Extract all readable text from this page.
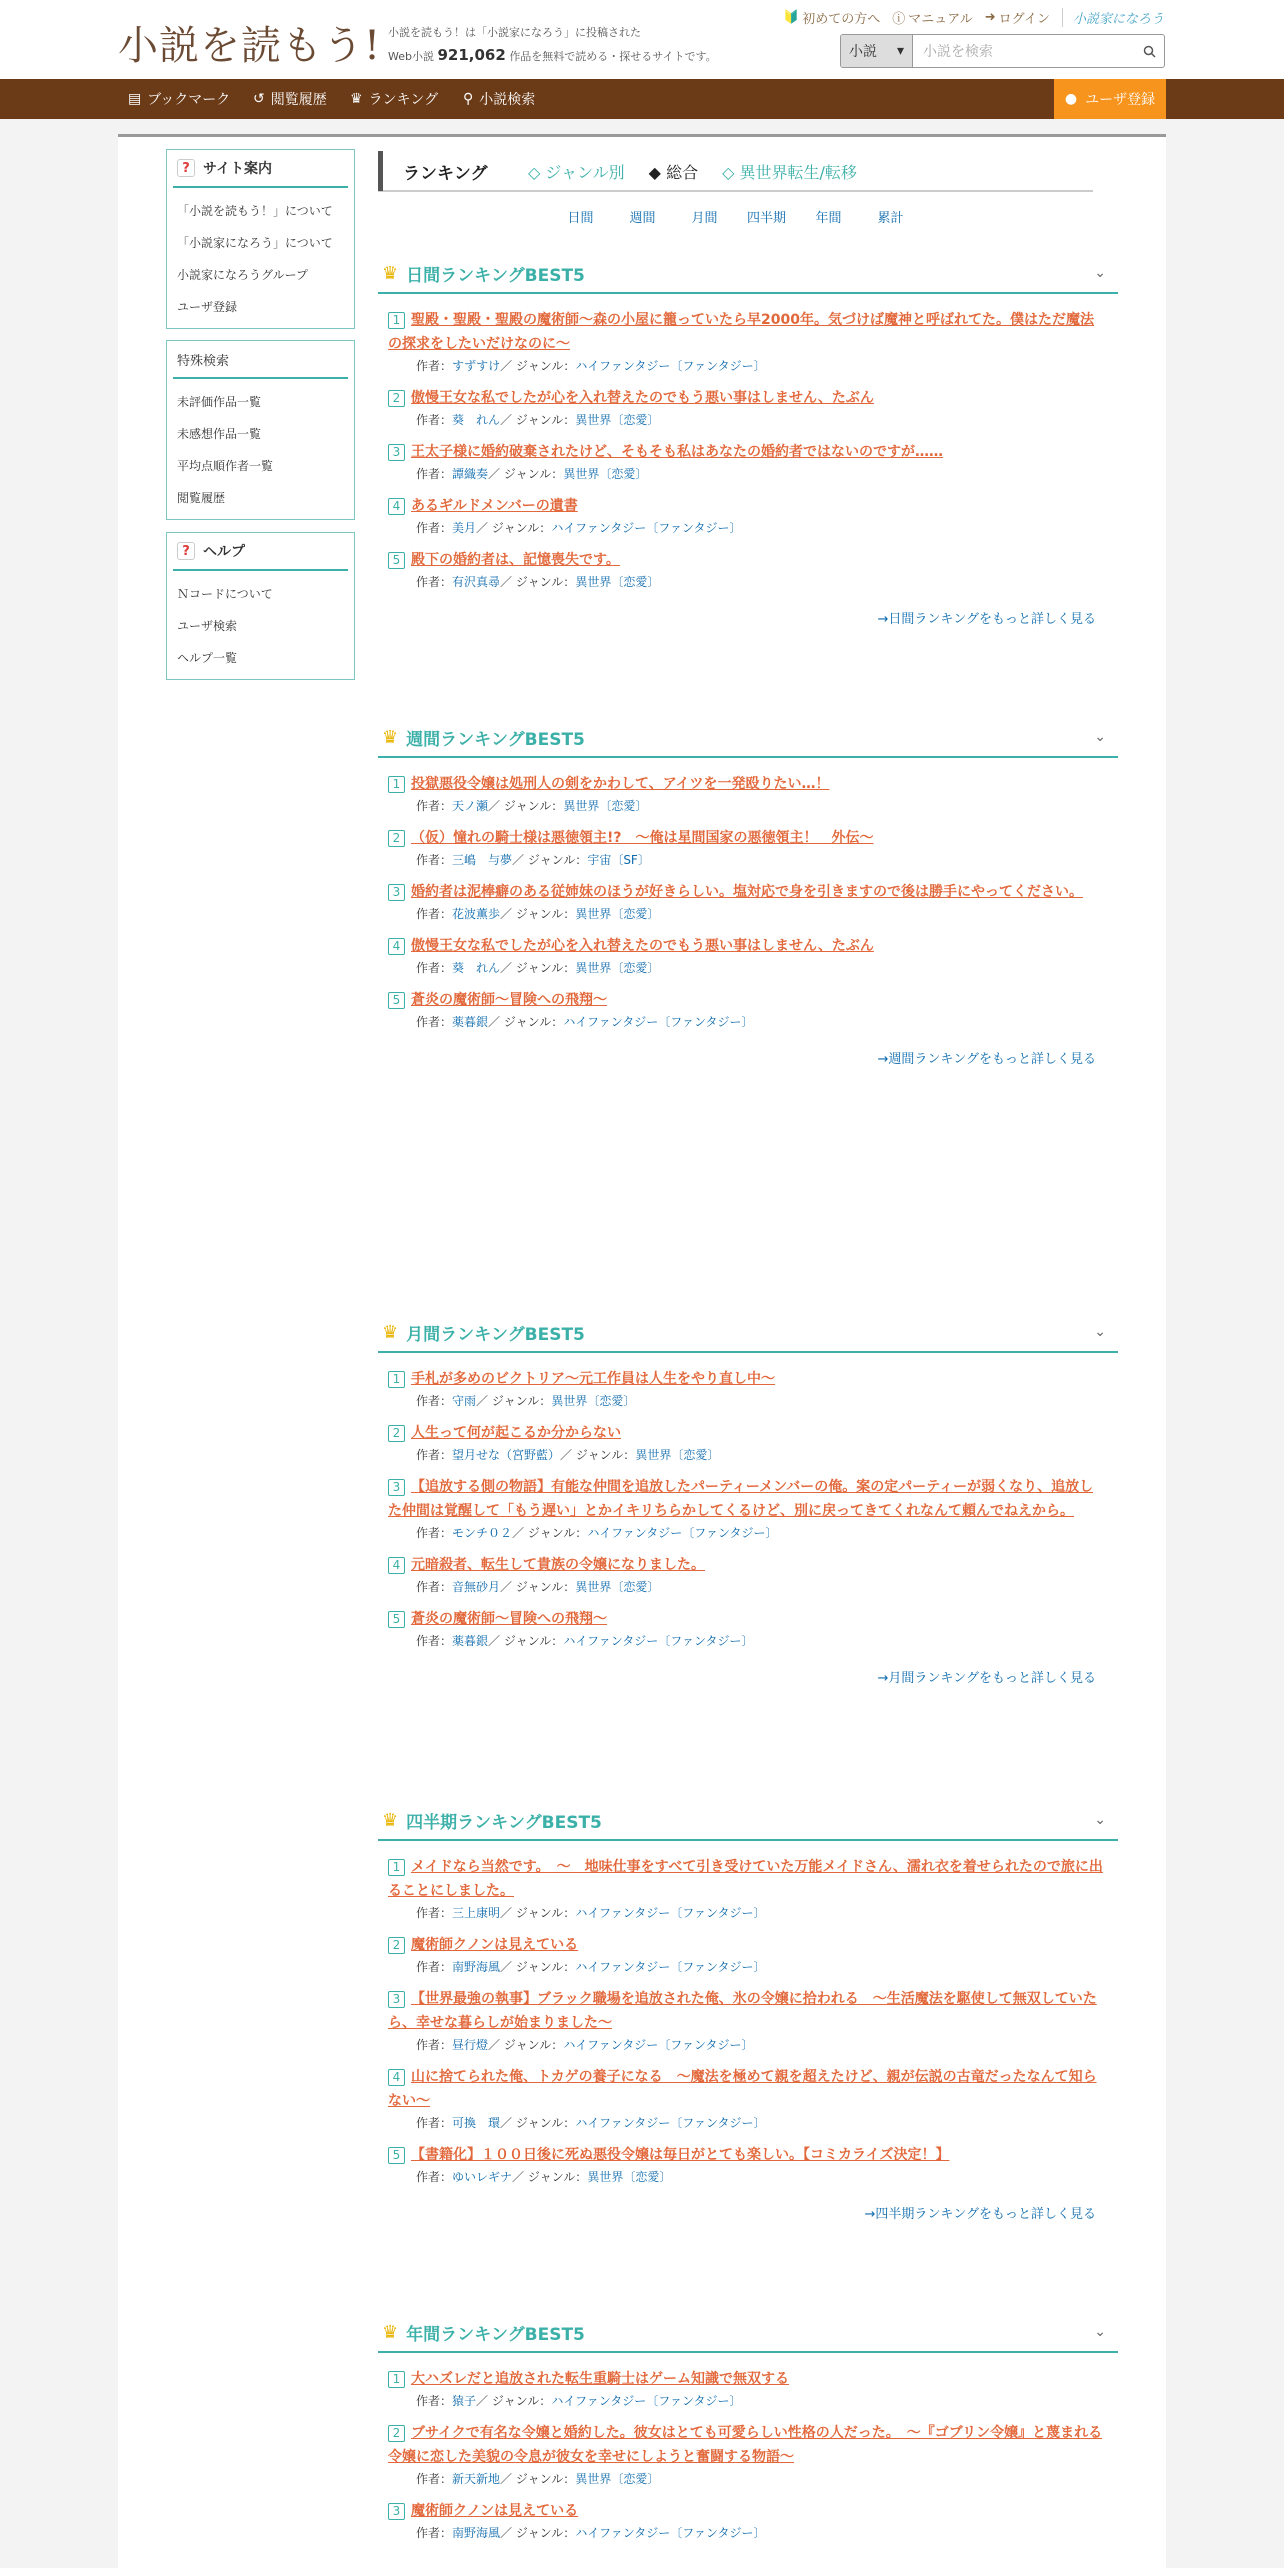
小説を読もう! 小説を読もう！は「小説家になろう」に投稿された
Web小説 921,062 作品を無料で読める・探せるサイトです。
🔰 初めての方へ ⓘ マニュアル ➜ ログイン	小説家になろう
小説 ▾	小説を検索
▤ ブックマーク ↺ 閲覧履歴 ♛ ランキング ⚲ 小説検索	● ユーザ登録
? サイト案内
「小説を読もう！」について
「小説家になろう」について
小説家になろうグループ
ユーザ登録
特殊検索
未評価作品一覧
未感想作品一覧
平均点順作者一覧
閲覧履歴
? ヘルプ
Ｎコードについて
ユーザ検索
ヘルプ一覧
ランキング	◇ ジャンル別 ◆ 総合 ◇ 異世界転生/転移
日間	週間	月間	四半期	年間	累計
♛ 日間ランキングBEST5	⌄
1 聖殿・聖殿・聖殿の魔術師～森の小屋に籠っていたら早2000年。気づけば魔神と呼ばれてた。僕はただ魔法の探求をしたいだけなのに～
作者：すずすけ／ ジャンル：ハイファンタジー〔ファンタジー〕
2 傲慢王女な私でしたが心を入れ替えたのでもう悪い事はしません、たぶん
作者：葵　れん／ ジャンル：異世界〔恋愛〕
3 王太子様に婚約破棄されたけど、そもそも私はあなたの婚約者ではないのですが……
作者：譚織奏／ ジャンル：異世界〔恋愛〕
4 あるギルドメンバーの遺書
作者：美月／ ジャンル：ハイファンタジー〔ファンタジー〕
5 殿下の婚約者は、記憶喪失です。
作者：有沢真尋／ ジャンル：異世界〔恋愛〕
→日間ランキングをもっと詳しく見る
♛ 週間ランキングBEST5	⌄
1 投獄悪役令嬢は処刑人の剣をかわして、アイツを一発殴りたい…！
作者：天ノ瀬／ ジャンル：異世界〔恋愛〕
2 （仮）憧れの騎士様は悪徳領主!?　～俺は星間国家の悪徳領主！　外伝～
作者：三嶋　与夢／ ジャンル：宇宙〔SF〕
3 婚約者は泥棒癖のある従姉妹のほうが好きらしい。塩対応で身を引きますので後は勝手にやってください。
作者：花波薫歩／ ジャンル：異世界〔恋愛〕
4 傲慢王女な私でしたが心を入れ替えたのでもう悪い事はしません、たぶん
作者：葵　れん／ ジャンル：異世界〔恋愛〕
5 蒼炎の魔術師～冒険への飛翔～
作者：薬暮銀／ ジャンル：ハイファンタジー〔ファンタジー〕
→週間ランキングをもっと詳しく見る
♛ 月間ランキングBEST5	⌄
1 手札が多めのビクトリア〜元工作員は人生をやり直し中〜
作者：守雨／ ジャンル：異世界〔恋愛〕
2 人生って何が起こるか分からない
作者：望月せな（宮野藍）／ ジャンル：異世界〔恋愛〕
3 【追放する側の物語】有能な仲間を追放したパーティーメンバーの俺。案の定パーティーが弱くなり、追放した仲間は覚醒して「もう遅い」とかイキリちらかしてくるけど、別に戻ってきてくれなんて頼んでねえから。
作者：モンチ０２／ ジャンル：ハイファンタジー〔ファンタジー〕
4 元暗殺者、転生して貴族の令嬢になりました。
作者：音無砂月／ ジャンル：異世界〔恋愛〕
5 蒼炎の魔術師～冒険への飛翔～
作者：薬暮銀／ ジャンル：ハイファンタジー〔ファンタジー〕
→月間ランキングをもっと詳しく見る
♛ 四半期ランキングBEST5	⌄
1 メイドなら当然です。　～　地味仕事をすべて引き受けていた万能メイドさん、濡れ衣を着せられたので旅に出ることにしました。
作者：三上康明／ ジャンル：ハイファンタジー〔ファンタジー〕
2 魔術師クノンは見えている
作者：南野海風／ ジャンル：ハイファンタジー〔ファンタジー〕
3 【世界最強の執事】ブラック職場を追放された俺、氷の令嬢に拾われる　～生活魔法を駆使して無双していたら、幸せな暮らしが始まりました～
作者：昼行燈／ ジャンル：ハイファンタジー〔ファンタジー〕
4 山に捨てられた俺、トカゲの養子になる　～魔法を極めて親を超えたけど、親が伝説の古竜だったなんて知らない～
作者：可換　環／ ジャンル：ハイファンタジー〔ファンタジー〕
5 【書籍化】１００日後に死ぬ悪役令嬢は毎日がとても楽しい。【コミカライズ決定！】
作者：ゆいレギナ／ ジャンル：異世界〔恋愛〕
→四半期ランキングをもっと詳しく見る
♛ 年間ランキングBEST5	⌄
1 大ハズレだと追放された転生重騎士はゲーム知識で無双する
作者：猿子／ ジャンル：ハイファンタジー〔ファンタジー〕
2 ブサイクで有名な令嬢と婚約した。彼女はとても可愛らしい性格の人だった。　～『ゴブリン令嬢』と蔑まれる令嬢に恋した美貌の令息が彼女を幸せにしようと奮闘する物語～
作者：新天新地／ ジャンル：異世界〔恋愛〕
3 魔術師クノンは見えている
作者：南野海風／ ジャンル：ハイファンタジー〔ファンタジー〕
